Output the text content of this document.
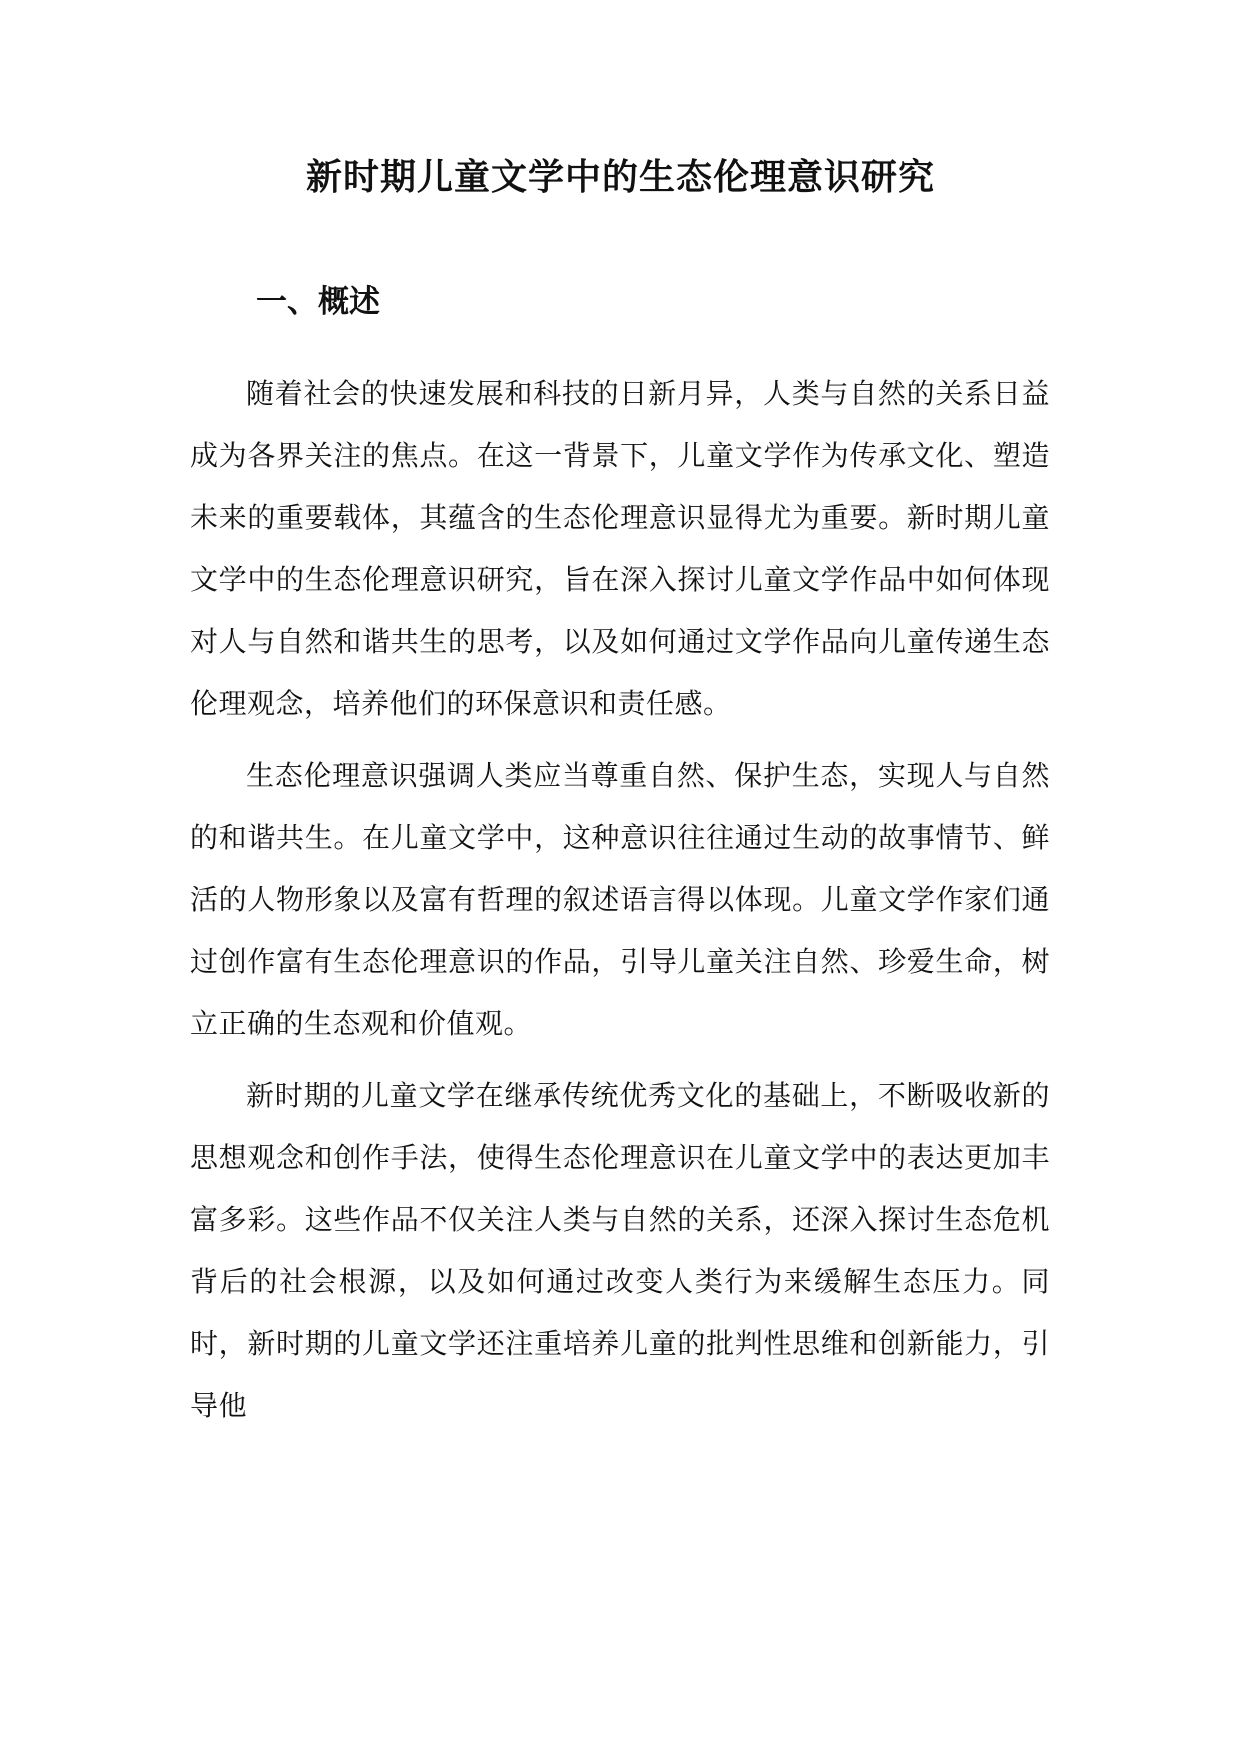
新时期儿童文学中的生态伦理意识研究
一、概述

随着社会的快速发展和科技的日新月异，人类与自然的关系日益成为各界关注的焦点。在这一背景下，儿童文学作为传承文化、塑造未来的重要载体，其蕴含的生态伦理意识显得尤为重要。新时期儿童文学中的生态伦理意识研究，旨在深入探讨儿童文学作品中如何体现对人与自然和谐共生的思考，以及如何通过文学作品向儿童传递生态伦理观念，培养他们的环保意识和责任感。

生态伦理意识强调人类应当尊重自然、保护生态，实现人与自然的和谐共生。在儿童文学中，这种意识往往通过生动的故事情节、鲜活的人物形象以及富有哲理的叙述语言得以体现。儿童文学作家们通过创作富有生态伦理意识的作品，引导儿童关注自然、珍爱生命，树立正确的生态观和价值观。

新时期的儿童文学在继承传统优秀文化的基础上，不断吸收新的思想观念和创作手法，使得生态伦理意识在儿童文学中的表达更加丰富多彩。这些作品不仅关注人类与自然的关系，还深入探讨生态危机背后的社会根源，以及如何通过改变人类行为来缓解生态压力。同时，新时期的儿童文学还注重培养儿童的批判性思维和创新能力，引导他
